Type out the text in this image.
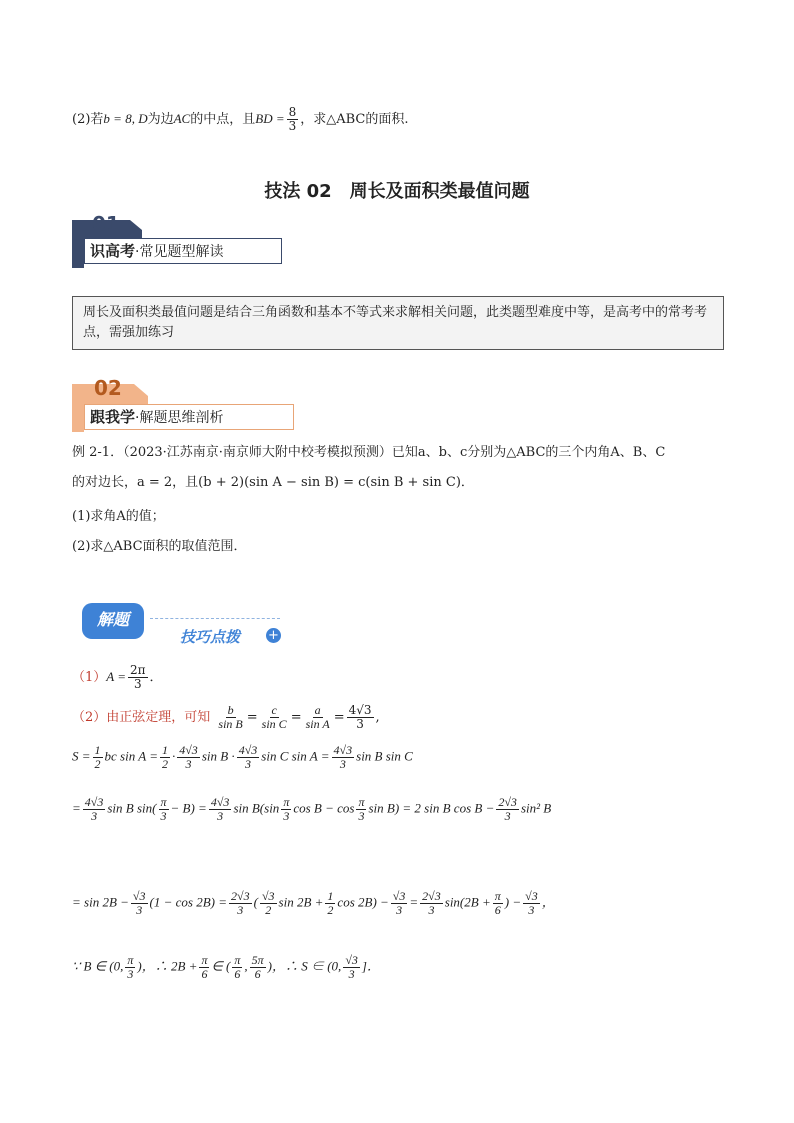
(2)若b = 8, D为边AC的中点，且BD = $\frac{8}{3}$ ，求△ABC的面积.
技法 02　周长及面积类最值问题
01
识高考·常见题型解读
周长及面积类最值问题是结合三角函数和基本不等式来求解相关问题，此类题型难度中等，是高考中的常考考点，需强加练习
02
跟我学·解题思维剖析
例 2-1．（2023·江苏南京·南京师大附中校考模拟预测）已知a、b、c分别为△ABC的三个内角A、B、C
的对边长，a = 2，且(b + 2)(sin A − sin B) = c(sin B + sin C)．
(1)求角A的值；
(2)求△ABC面积的取值范围．
解题
技巧点拨 +
$(1)A = \frac{2\pi}{3}$ ．
（2）由正弦定理，可知 $\frac{b}{\text{sin B}} = \frac{c}{\text{sin C}} = \frac{a}{\text{sin A}} = \frac{4√3}{3}$ ,
$S = \frac{1}{2}$ bc $\sin A = \frac{1}{2} \cdot \frac{4√3}{3}$ $\sin B \cdot \frac{4√3}{3}$ sin C $\sin A = \frac{4√3}{3}$ sin B sin C
= $\frac{4√3}{3}$ sin B $\sin( \frac{\pi}{3} - B) = \frac{4√3}{3}$ $\sin B(\sin \frac{\pi}{3}$ $\cos B - \cos \frac{\pi}{3}$ sin B) = 2 sin B $\cos B - \frac{2√3}{3} \sin^2$ B
= $\sin 2B - \frac{√3}{3} (1 - \cos 2B) = \frac{2√3}{3}$ ( $\frac{√3}{2}$ $\sin 2B + \frac{1}{2}$ $\cos 2B) - \frac{√3}{3} = \frac{2√3}{3} \sin(2B + \frac{\pi}{6}$ ) − $\frac{√3}{3}$ ，
∵ B ∈ (0, $\frac{\pi}{3}$ )，∴ $2B + \frac{\pi}{6}$ ∈ ( $\frac{\pi}{6}$ , $\frac{5\pi}{6}$ )，∴ S ∈ (0, $\frac{√3}{3}$ ]．
